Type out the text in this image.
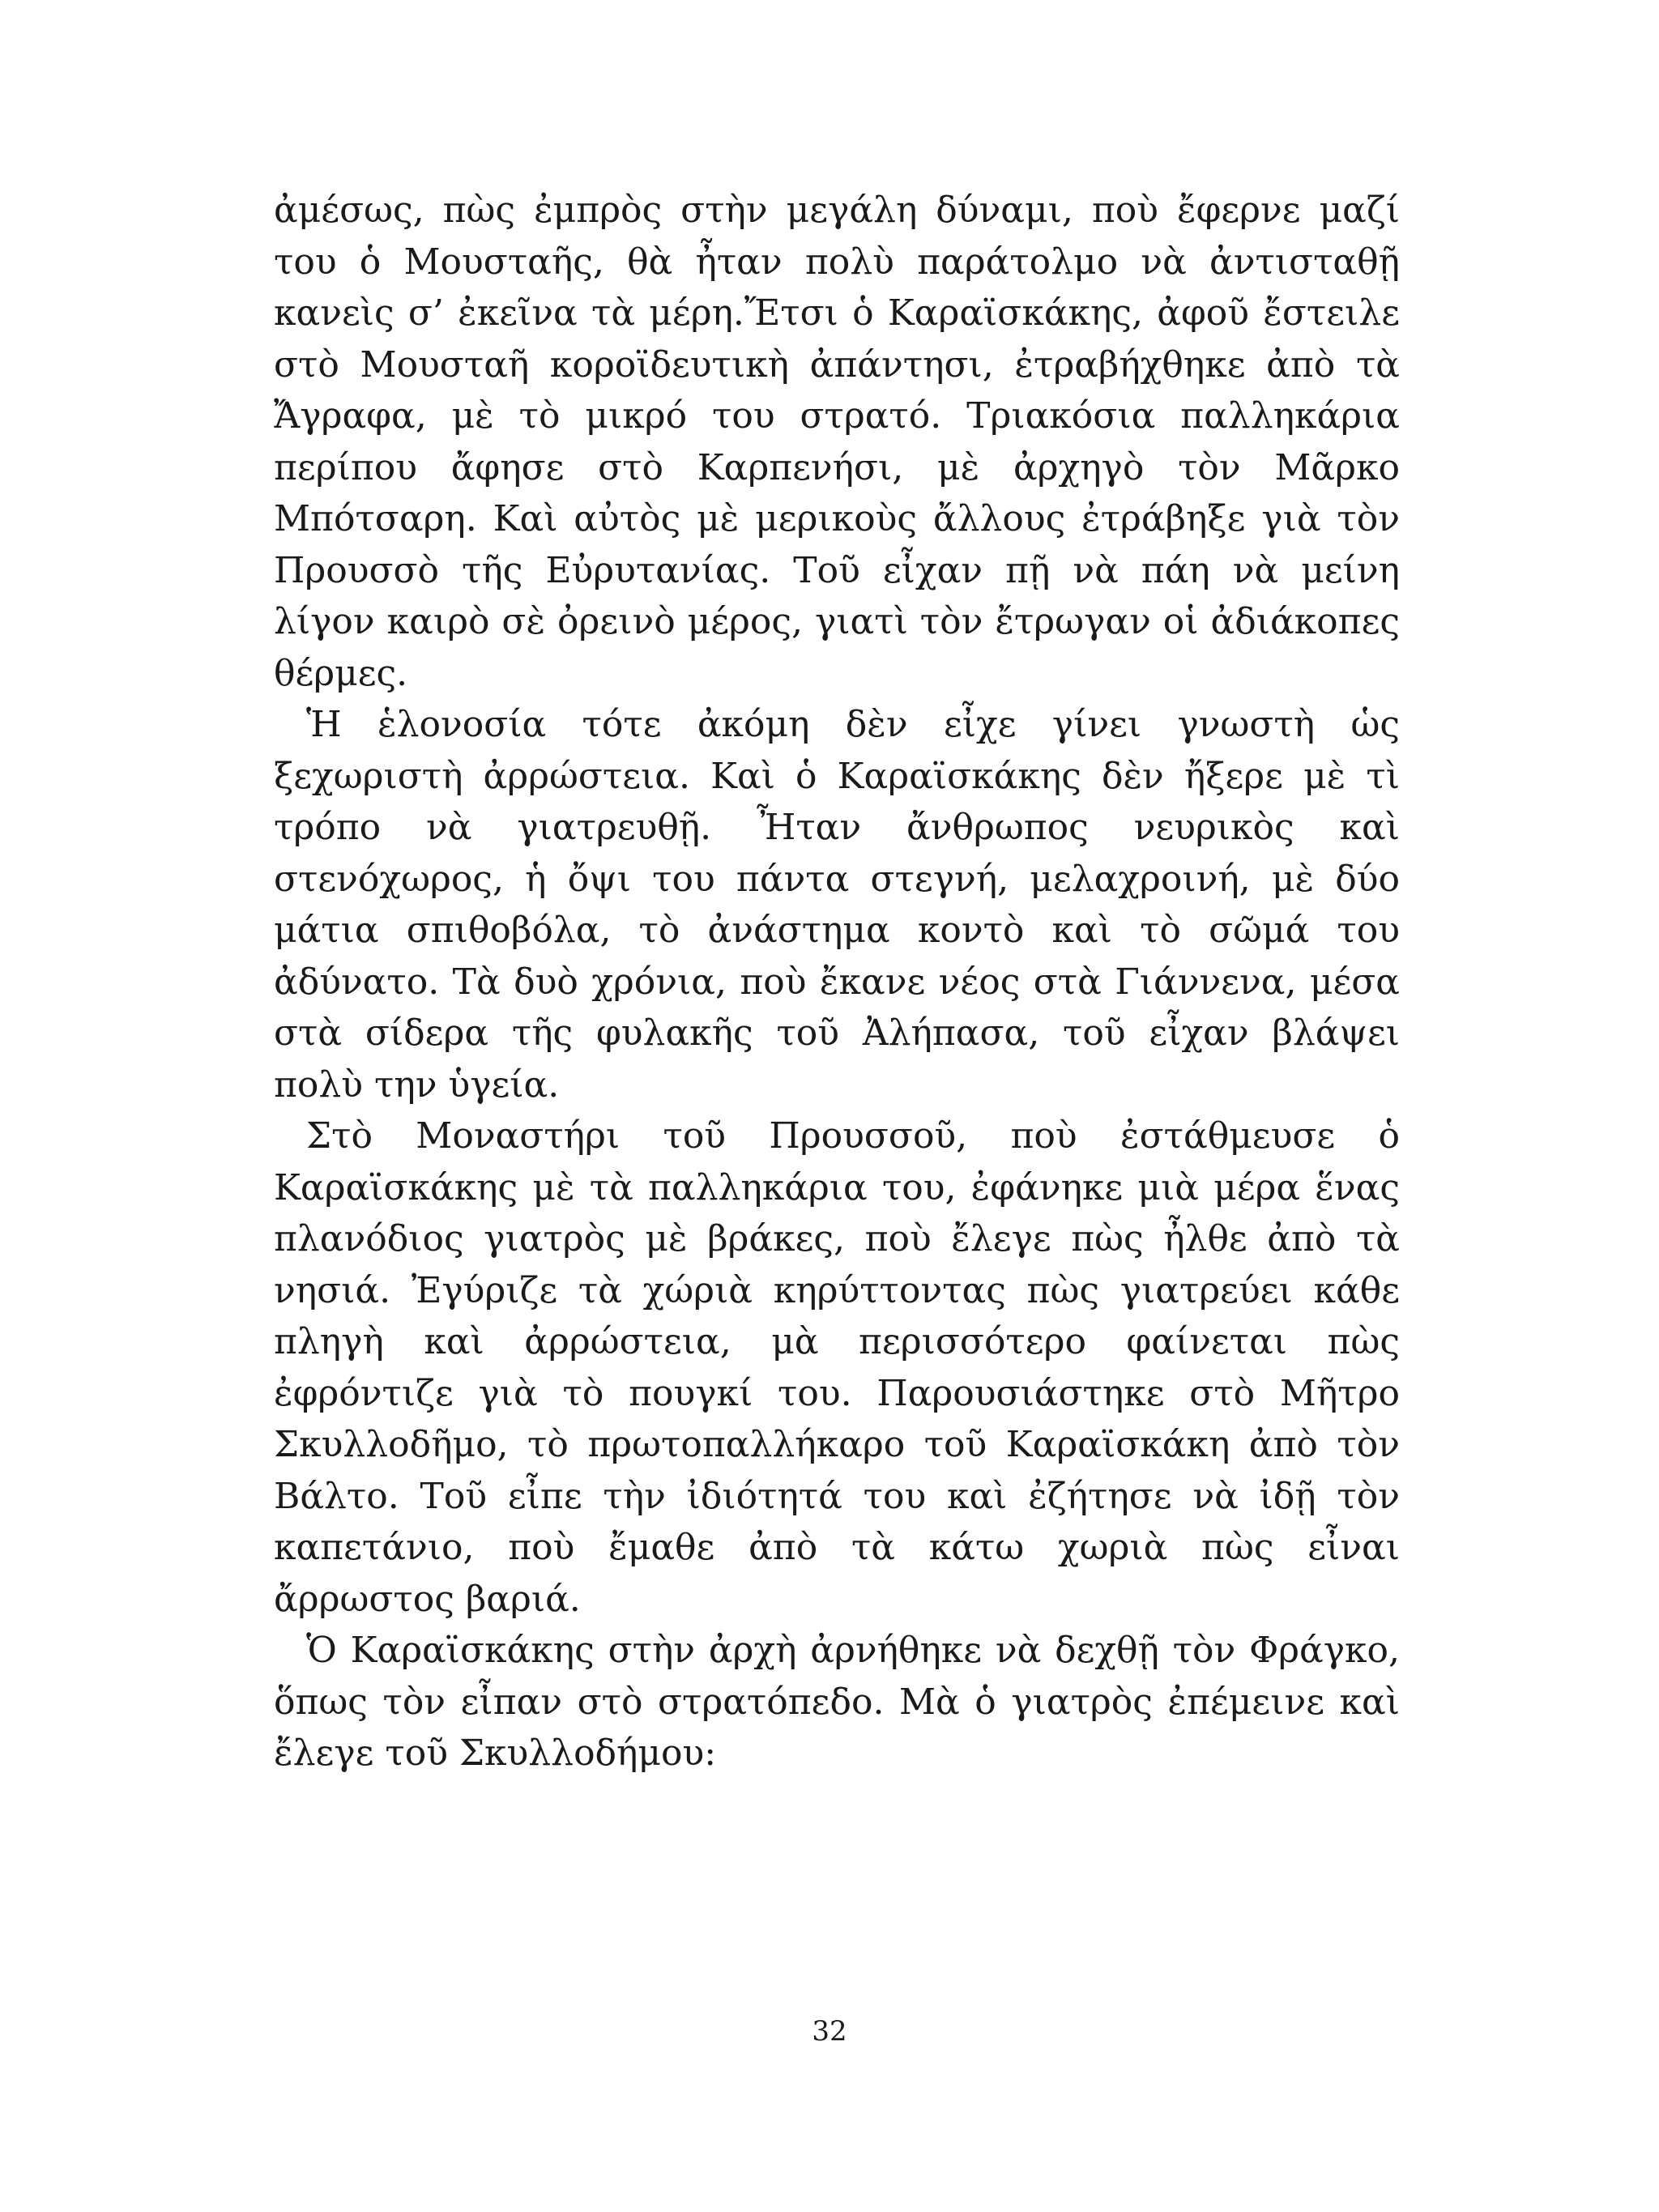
ἀμέσως, πὼς ἐμπρὸς στὴν μεγάλη δύναμι, ποὺ ἔφερνε μαζί του ὁ Μουσταῆς, θὰ ἦταν πολὺ παράτολμο νὰ ἀντισταθῇ κανεὶς σ’ ἐκεῖνα τὰ μέρη.Ἔτσι ὁ Καραϊσκάκης, ἀφοῦ ἔστειλε στὸ Μουσταῆ κοροϊδευτικὴ ἀπάντησι, ἐτραβήχθηκε ἀπὸ τὰ Ἄγραφα, μὲ τὸ μικρό του στρατό. Τριακόσια παλληκάρια περίπου ἄφησε στὸ Καρπενήσι, μὲ ἀρχηγὸ τὸν Μᾶρκο Μπότσαρη. Καὶ αὐτὸς μὲ μερικοὺς ἄλλους ἐτράβηξε γιὰ τὸν Προυσσὸ τῆς Εὐρυτανίας. Τοῦ εἶχαν πῇ νὰ πάη νὰ μείνη λίγον καιρὸ σὲ ὀρεινὸ μέρος, γιατὶ τὸν ἔτρωγαν οἱ ἀδιάκοπες θέρμες.

Ἡ ἑλονοσία τότε ἀκόμη δὲν εἶχε γίνει γνωστὴ ὡς ξεχωριστὴ ἀρρώστεια. Καὶ ὁ Καραϊσκάκης δὲν ἤξερε μὲ τὶ τρόπο νὰ γιατρευθῇ. Ἦταν ἄνθρωπος νευρικὸς καὶ στενόχωρος, ἡ ὄψι του πάντα στεγνή, μελαχροινή, μὲ δύο μάτια σπιθοβόλα, τὸ ἀνάστημα κοντὸ καὶ τὸ σῶμά του ἀδύνατο. Τὰ δυὸ χρόνια, ποὺ ἔκανε νέος στὰ Γιάννενα, μέσα στὰ σίδερα τῆς φυλακῆς τοῦ Ἀλήπασα, τοῦ εἶχαν βλάψει πολὺ την ὑγεία.

Στὸ Μοναστήρι τοῦ Προυσσοῦ, ποὺ ἐστάθμευσε ὁ Καραϊσκάκης μὲ τὰ παλληκάρια του, ἐφάνηκε μιὰ μέρα ἕνας πλανόδιος γιατρὸς μὲ βράκες, ποὺ ἔλεγε πὼς ἦλθε ἀπὸ τὰ νησιά. Ἐγύριζε τὰ χώριὰ κηρύττοντας πὼς γιατρεύει κάθε πληγὴ καὶ ἀρρώστεια, μὰ περισσότερο φαίνεται πὼς ἐφρόντιζε γιὰ τὸ πουγκί του. Παρουσιάστηκε στὸ Μῆτρο Σκυλλοδῆμο, τὸ πρωτοπαλλήκαρο τοῦ Καραϊσκάκη ἀπὸ τὸν Βάλτο. Τοῦ εἶπε τὴν ἰδιότητά του καὶ ἐζήτησε νὰ ἰδῇ τὸν καπετάνιο, ποὺ ἔμαθε ἀπὸ τὰ κάτω χωριὰ πὼς εἶναι ἄρρωστος βαριά.

Ὁ Καραϊσκάκης στὴν ἀρχὴ ἀρνήθηκε νὰ δεχθῇ τὸν Φράγκο, ὅπως τὸν εἶπαν στὸ στρατόπεδο. Μὰ ὁ γιατρὸς ἐπέμεινε καὶ ἔλεγε τοῦ Σκυλλοδήμου:

32
